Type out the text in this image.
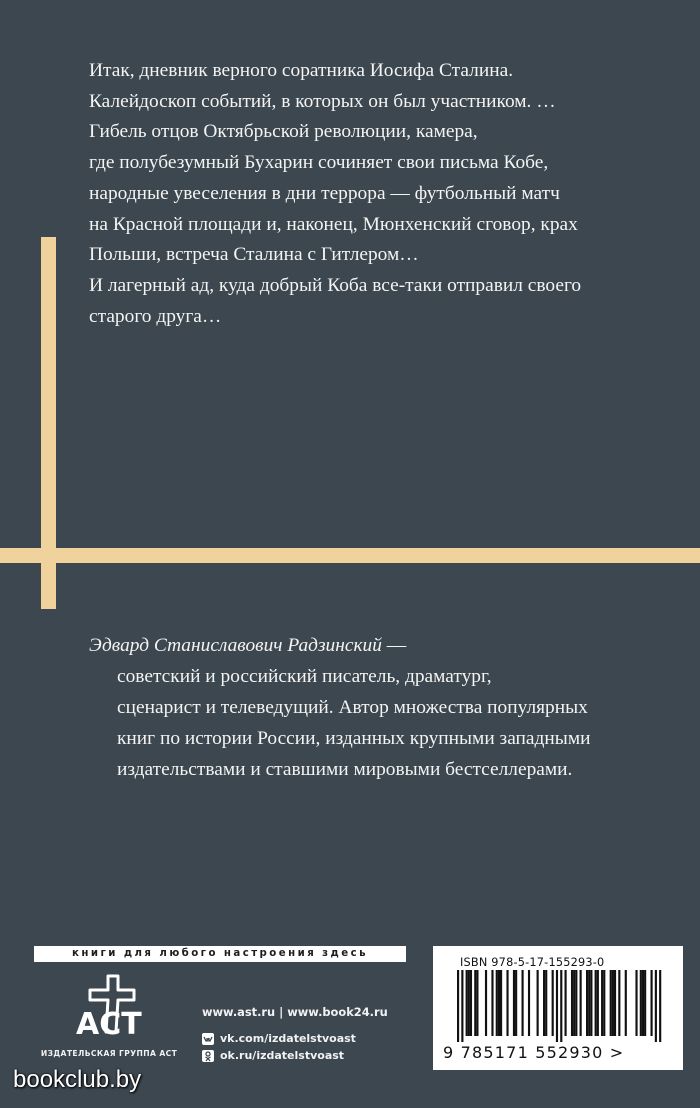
Итак, дневник верного соратника Иосифа Сталина.

Калейдоскоп событий, в которых он был участником. …

Гибель отцов Октябрьской революции, камера,

где полубезумный Бухарин сочиняет свои письма Кобе,

народные увеселения в дни террора — футбольный матч

на Красной площади и, наконец, Мюнхенский сговор, крах

Польши, встреча Сталина с Гитлером…

И лагерный ад, куда добрый Коба все-таки отправил своего

старого друга…

Эдвард Станиславович Радзинский —

советский и российский писатель, драматург,

сценарист и телеведущий. Автор множества популярных

книг по истории России, изданных крупными западными

издательствами и ставшими мировыми бестселлерами.

книги для любого настроения здесь
АСТ
ИЗДАТЕЛЬСКАЯ ГРУППА АСТ

www.ast.ru | www.book24.ru

vk.com/izdatelstvoast

ok.ru/izdatelstvoast

ISBN 978-5-17-155293-0
9 785171 552930 >
bookclub.by
